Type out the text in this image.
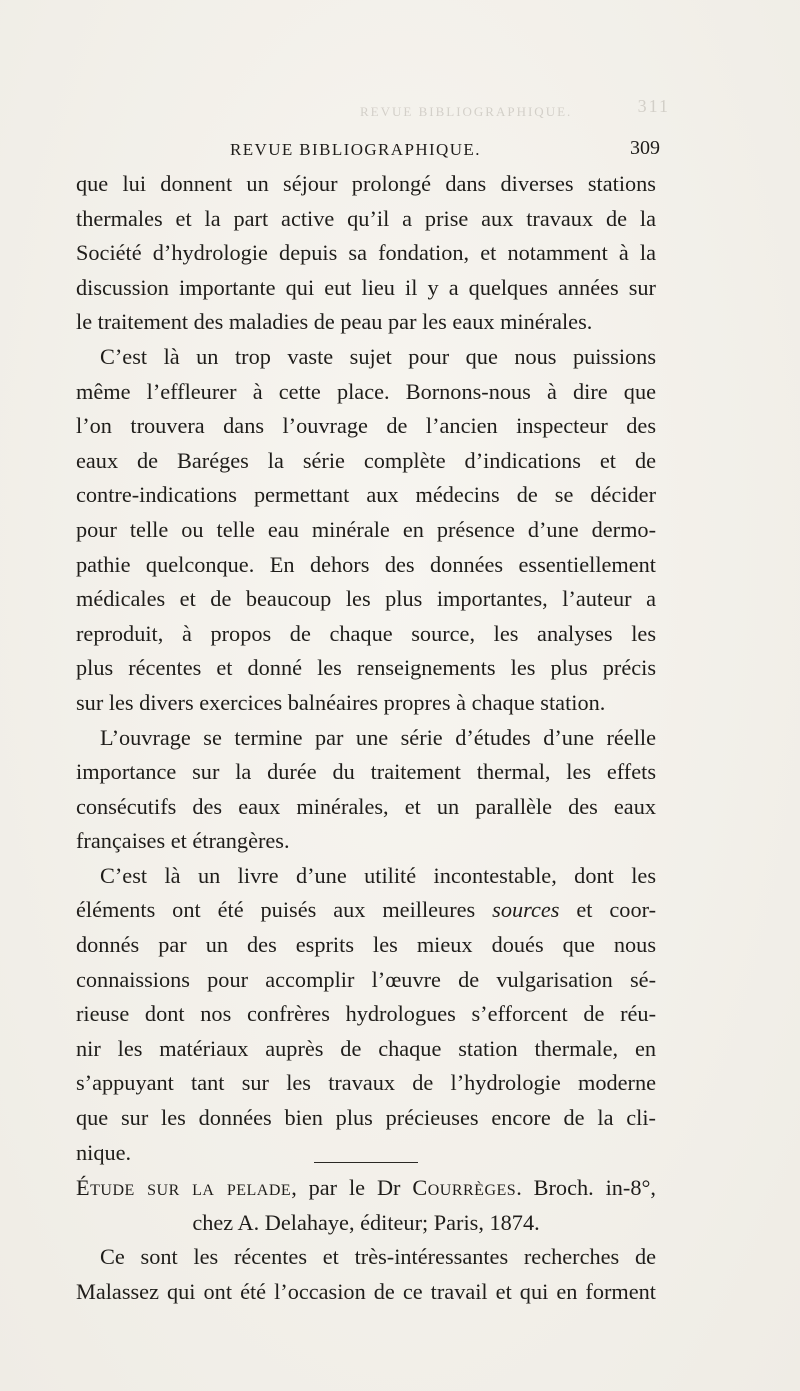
REVUE BIBLIOGRAPHIQUE.	311
REVUE BIBLIOGRAPHIQUE.	309
que lui donnent un séjour prolongé dans diverses stations
thermales et la part active qu’il a prise aux travaux de la
Société d’hydrologie depuis sa fondation, et notamment à la
discussion importante qui eut lieu il y a quelques années sur
le traitement des maladies de peau par les eaux minérales.
C’est là un trop vaste sujet pour que nous puissions
même l’effleurer à cette place. Bornons-nous à dire que
l’on trouvera dans l’ouvrage de l’ancien inspecteur des
eaux de Baréges la série complète d’indications et de
contre-indications permettant aux médecins de se décider
pour telle ou telle eau minérale en présence d’une dermo-
pathie quelconque. En dehors des données essentiellement
médicales et de beaucoup les plus importantes, l’auteur a
reproduit, à propos de chaque source, les analyses les
plus récentes et donné les renseignements les plus précis
sur les divers exercices balnéaires propres à chaque station.
L’ouvrage se termine par une série d’études d’une réelle
importance sur la durée du traitement thermal, les effets
consécutifs des eaux minérales, et un parallèle des eaux
françaises et étrangères.
C’est là un livre d’une utilité incontestable, dont les
éléments ont été puisés aux meilleures sources et coor-
donnés par un des esprits les mieux doués que nous
connaissions pour accomplir l’œuvre de vulgarisation sé-
rieuse dont nos confrères hydrologues s’efforcent de réu-
nir les matériaux auprès de chaque station thermale, en
s’appuyant tant sur les travaux de l’hydrologie moderne
que sur les données bien plus précieuses encore de la cli-
nique.
Étude sur la pelade, par le Dr Courrèges. Broch. in-8°,
chez A. Delahaye, éditeur; Paris, 1874.
Ce sont les récentes et très-intéressantes recherches de
Malassez qui ont été l’occasion de ce travail et qui en forment
